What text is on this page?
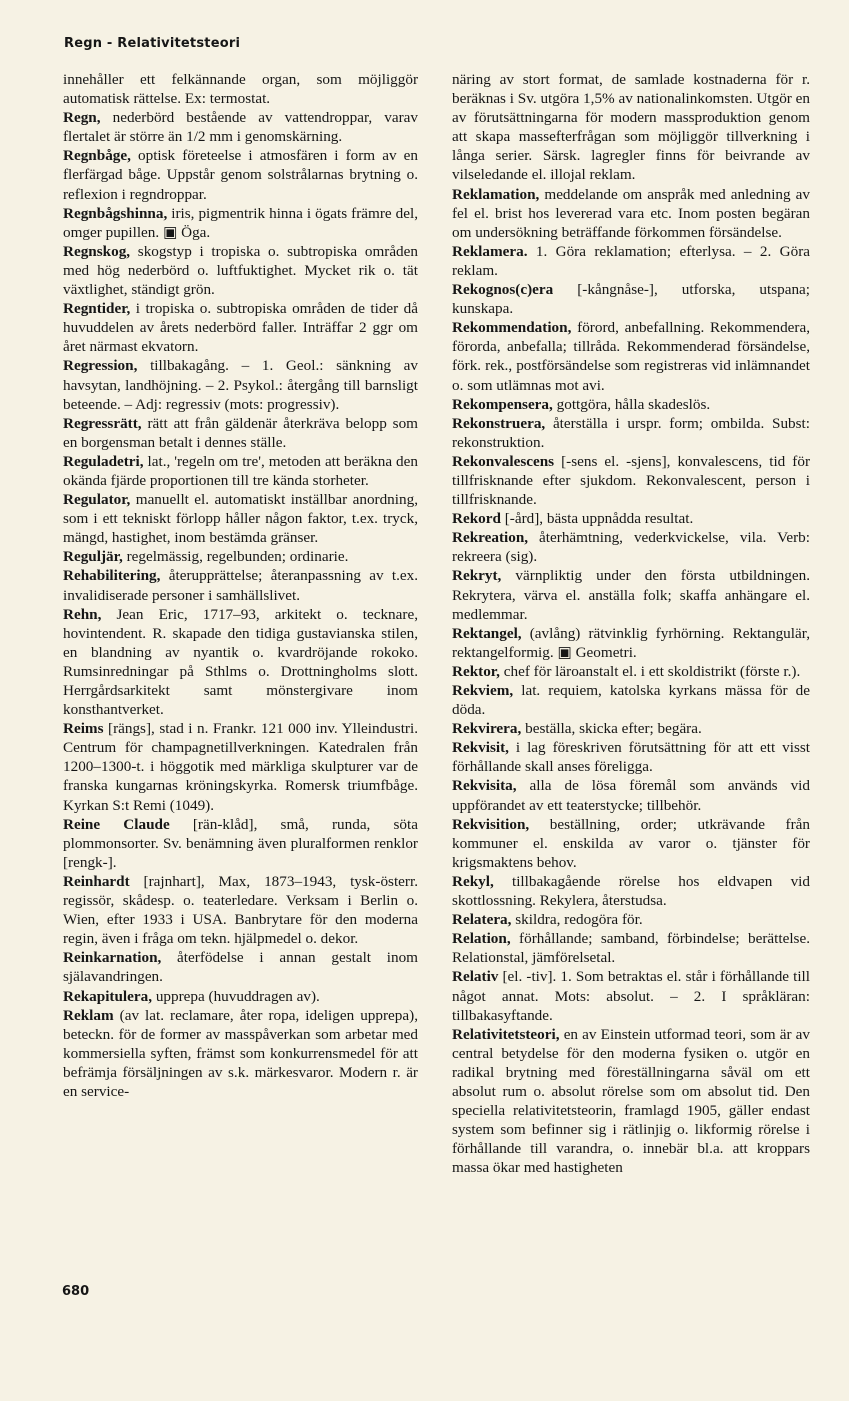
Regn - Relativitetsteori

innehåller ett felkännande organ, som möjliggör automatisk rättelse. Ex: termostat.

Regn, nederbörd bestående av vattendroppar, varav flertalet är större än 1/2 mm i genomskärning.

Regnbåge, optisk företeelse i atmosfären i form av en flerfärgad båge. Uppstår genom solstrålarnas brytning o. reflexion i regndroppar.

Regnbågshinna, iris, pigmentrik hinna i ögats främre del, omger pupillen. ▣ Öga.

Regnskog, skogstyp i tropiska o. subtropiska områden med hög nederbörd o. luftfuktighet. Mycket rik o. tät växtlighet, ständigt grön.

Regntider, i tropiska o. subtropiska områden de tider då huvuddelen av årets nederbörd faller. Inträffar 2 ggr om året närmast ekvatorn.

Regression, tillbakagång. – 1. Geol.: sänkning av havsytan, landhöjning. – 2. Psykol.: återgång till barnsligt beteende. – Adj: regressiv (mots: progressiv).

Regressrätt, rätt att från gäldenär återkräva belopp som en borgensman betalt i dennes ställe.

Reguladetri, lat., 'regeln om tre', metoden att beräkna den okända fjärde proportionen till tre kända storheter.

Regulator, manuellt el. automatiskt inställbar anordning, som i ett tekniskt förlopp håller någon faktor, t.ex. tryck, mängd, hastighet, inom bestämda gränser.

Reguljär, regelmässig, regelbunden; ordinarie.

Rehabilitering, återupprättelse; återanpassning av t.ex. invalidiserade personer i samhällslivet.

Rehn, Jean Eric, 1717–93, arkitekt o. tecknare, hovintendent. R. skapade den tidiga gustavianska stilen, en blandning av nyantik o. kvardröjande rokoko. Rumsinredningar på Sthlms o. Drottningholms slott. Herrgårdsarkitekt samt mönstergivare inom konsthantverket.

Reims [rängs], stad i n. Frankr. 121 000 inv. Ylleindustri. Centrum för champagnetillverkningen. Katedralen från 1200–1300-t. i höggotik med märkliga skulpturer var de franska kungarnas kröningskyrka. Romersk triumfbåge. Kyrkan S:t Remi (1049).

Reine Claude [rän-klåd], små, runda, söta plommonsorter. Sv. benämning även pluralformen renklor [rengk-].

Reinhardt [rajnhart], Max, 1873–1943, tysk-österr. regissör, skådesp. o. teaterledare. Verksam i Berlin o. Wien, efter 1933 i USA. Banbrytare för den moderna regin, även i fråga om tekn. hjälpmedel o. dekor.

Reinkarnation, återfödelse i annan gestalt inom själavandringen.

Rekapitulera, upprepa (huvuddragen av).

Reklam (av lat. reclamare, åter ropa, ideligen upprepa), beteckn. för de former av masspåverkan som arbetar med kommersiella syften, främst som konkurrensmedel för att befrämja försäljningen av s.k. märkesvaror. Modern r. är en service-

näring av stort format, de samlade kostnaderna för r. beräknas i Sv. utgöra 1,5% av nationalinkomsten. Utgör en av förutsättningarna för modern massproduktion genom att skapa massefterfrågan som möjliggör tillverkning i långa serier. Särsk. lagregler finns för beivrande av vilseledande el. illojal reklam.

Reklamation, meddelande om anspråk med anledning av fel el. brist hos levererad vara etc. Inom posten begäran om undersökning beträffande förkommen försändelse.

Reklamera. 1. Göra reklamation; efterlysa. – 2. Göra reklam.

Rekognos(c)era [-kångnåse-], utforska, utspana; kunskapa.

Rekommendation, förord, anbefallning. Rekommendera, förorda, anbefalla; tillråda. Rekommenderad försändelse, förk. rek., postförsändelse som registreras vid inlämnandet o. som utlämnas mot avi.

Rekompensera, gottgöra, hålla skadeslös.

Rekonstruera, återställa i urspr. form; ombilda. Subst: rekonstruktion.

Rekonvalescens [-sens el. -sjens], konvalescens, tid för tillfrisknande efter sjukdom. Rekonvalescent, person i tillfrisknande.

Rekord [-ård], bästa uppnådda resultat.

Rekreation, återhämtning, vederkvickelse, vila. Verb: rekreera (sig).

Rekryt, värnpliktig under den första utbildningen. Rekrytera, värva el. anställa folk; skaffa anhängare el. medlemmar.

Rektangel, (avlång) rätvinklig fyrhörning. Rektangulär, rektangelformig. ▣ Geometri.

Rektor, chef för läroanstalt el. i ett skoldistrikt (förste r.).

Rekviem, lat. requiem, katolska kyrkans mässa för de döda.

Rekvirera, beställa, skicka efter; begära.

Rekvisit, i lag föreskriven förutsättning för att ett visst förhållande skall anses föreligga.

Rekvisita, alla de lösa föremål som används vid uppförandet av ett teaterstycke; tillbehör.

Rekvisition, beställning, order; utkrävande från kommuner el. enskilda av varor o. tjänster för krigsmaktens behov.

Rekyl, tillbakagående rörelse hos eldvapen vid skottlossning. Rekylera, återstudsa.

Relatera, skildra, redogöra för.

Relation, förhållande; samband, förbindelse; berättelse. Relationstal, jämförelsetal.

Relativ [el. -tiv]. 1. Som betraktas el. står i förhållande till något annat. Mots: absolut. – 2. I språkläran: tillbakasyftande.

Relativitetsteori, en av Einstein utformad teori, som är av central betydelse för den moderna fysiken o. utgör en radikal brytning med föreställningarna såväl om ett absolut rum o. absolut rörelse som om absolut tid. Den speciella relativitetsteorin, framlagd 1905, gäller endast system som befinner sig i rätlinjig o. likformig rörelse i förhållande till varandra, o. innebär bl.a. att kroppars massa ökar med hastigheten

680
